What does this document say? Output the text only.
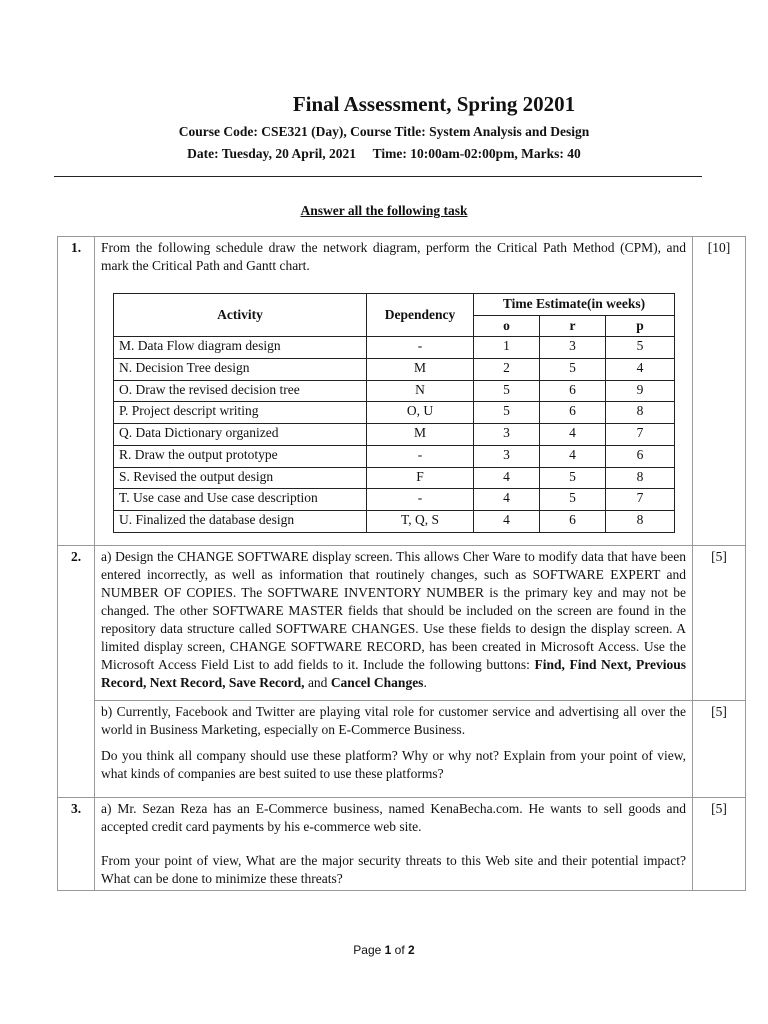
Final Assessment, Spring 20201
Course Code: CSE321 (Day), Course Title: System Analysis and Design
Date: Tuesday, 20 April, 2021     Time: 10:00am-02:00pm, Marks: 40
Answer all the following task
1.	From the following schedule draw the network diagram, perform the Critical Path Method (CPM), and mark the Critical Path and Gantt chart.

Activity	Dependency	Time Estimate(in weeks)
o	r	p
M. Data Flow diagram design	-	1	3	5
N. Decision Tree design	M	2	5	4
O. Draw the revised decision tree	N	5	6	9
P. Project descript writing	O, U	5	6	8
Q. Data Dictionary organized	M	3	4	7
R. Draw the output prototype	-	3	4	6
S. Revised the output design	F	4	5	8
T. Use case and Use case description	-	4	5	7
U. Finalized the database design	T, Q, S	4	6	8
	[10]
2.	a) Design the CHANGE SOFTWARE display screen. This allows Cher Ware to modify data that have been entered incorrectly, as well as information that routinely changes, such as SOFTWARE EXPERT and NUMBER OF COPIES. The SOFTWARE INVENTORY NUMBER is the primary key and may not be changed. The other SOFTWARE MASTER fields that should be included on the screen are found in the repository data structure called SOFTWARE CHANGES. Use these fields to design the display screen. A limited display screen, CHANGE SOFTWARE RECORD, has been created in Microsoft Access. Use the Microsoft Access Field List to add fields to it. Include the following buttons: Find, Find Next, Previous Record, Next Record, Save Record, and Cancel Changes.

	[5]

b) Currently, Facebook and Twitter are playing vital role for customer service and advertising all over the world in Business Marketing, especially on E-Commerce Business.

Do you think all company should use these platform? Why or why not? Explain from your point of view, what kinds of companies are best suited to use these platforms?

	[5]
3.	a) Mr. Sezan Reza has an E-Commerce business, named KenaBecha.com. He wants to sell goods and accepted credit card payments by his e-commerce web site.

From your point of view, What are the major security threats to this Web site and their potential impact? What can be done to minimize these threats?

	[5]
Page 1 of 2
